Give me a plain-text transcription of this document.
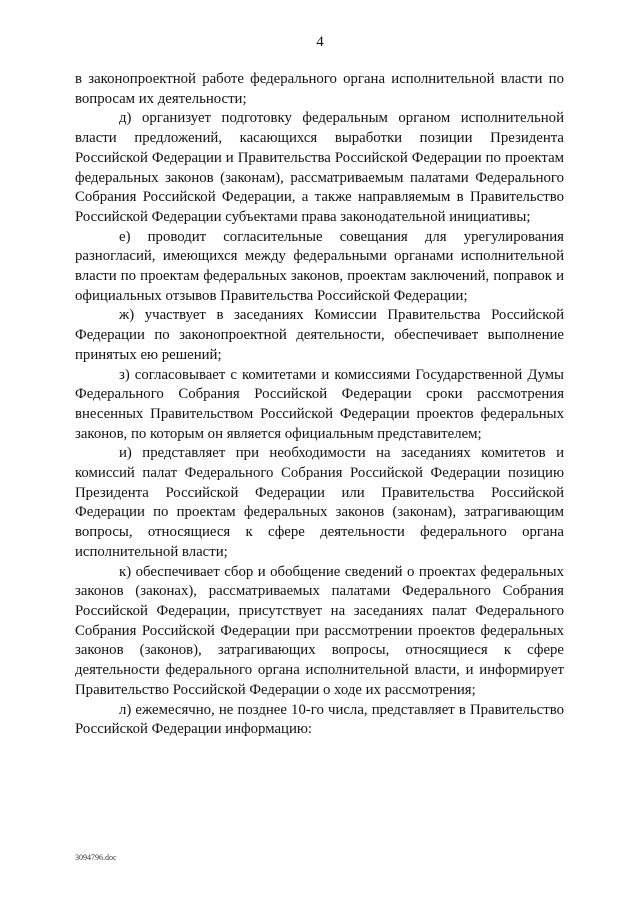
4

в законопроектной работе федерального органа исполнительной власти по вопросам их деятельности;

д) организует подготовку федеральным органом исполнительной власти предложений, касающихся выработки позиции Президента Российской Федерации и Правительства Российской Федерации по проектам федеральных законов (законам), рассматриваемым палатами Федерального Собрания Российской Федерации, а также направляемым в Правительство Российской Федерации субъектами права законодательной инициативы;

е) проводит согласительные совещания для урегулирования разногласий, имеющихся между федеральными органами исполнительной власти по проектам федеральных законов, проектам заключений, поправок и официальных отзывов Правительства Российской Федерации;

ж) участвует в заседаниях Комиссии Правительства Российской Федерации по законопроектной деятельности, обеспечивает выполнение принятых ею решений;

з) согласовывает с комитетами и комиссиями Государственной Думы Федерального Собрания Российской Федерации сроки рассмотрения внесенных Правительством Российской Федерации проектов федеральных законов, по которым он является официальным представителем;

и) представляет при необходимости на заседаниях комитетов и комиссий палат Федерального Собрания Российской Федерации позицию Президента Российской Федерации или Правительства Российской Федерации по проектам федеральных законов (законам), затрагивающим вопросы, относящиеся к сфере деятельности федерального органа исполнительной власти;

к) обеспечивает сбор и обобщение сведений о проектах федеральных законов (законах), рассматриваемых палатами Федерального Собрания Российской Федерации, присутствует на заседаниях палат Федерального Собрания Российской Федерации при рассмотрении проектов федеральных законов (законов), затрагивающих вопросы, относящиеся к сфере деятельности федерального органа исполнительной власти, и информирует Правительство Российской Федерации о ходе их рассмотрения;

л) ежемесячно, не позднее 10-го числа, представляет в Правительство Российской Федерации информацию:

3094796.doc
